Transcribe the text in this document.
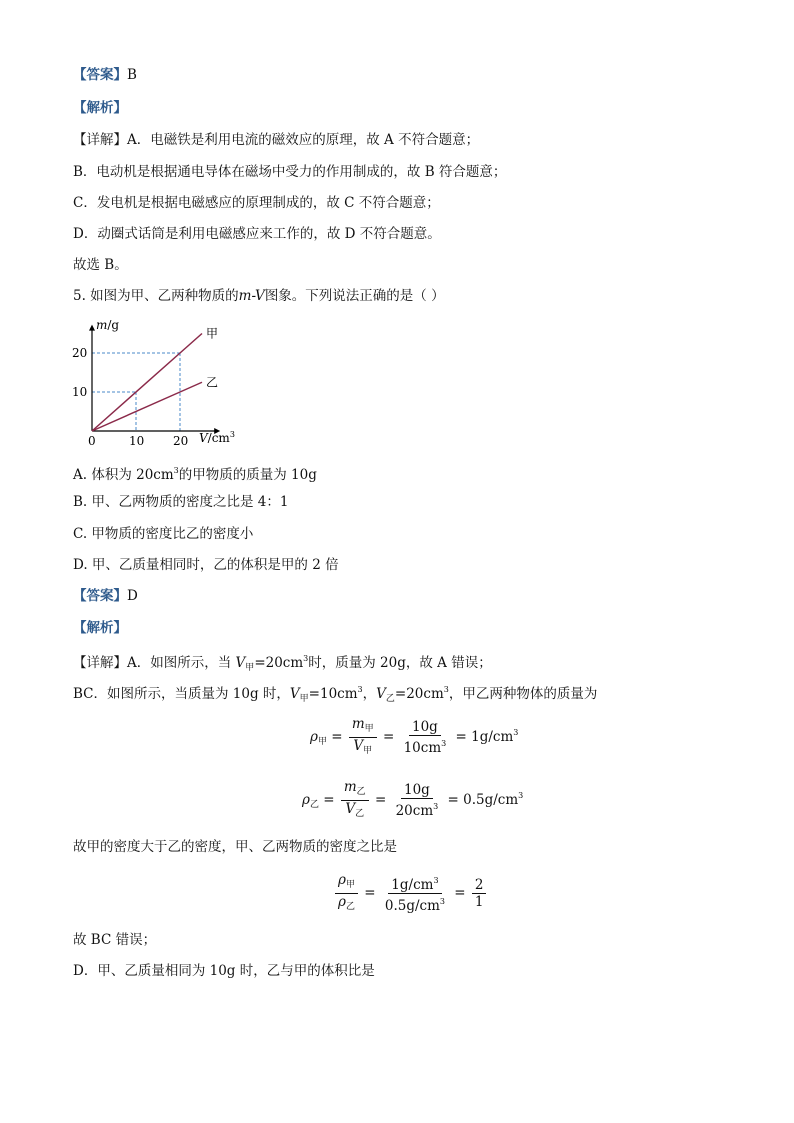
【答案】B
【解析】
【详解】A．电磁铁是利用电流的磁效应的原理，故 A 不符合题意；
B．电动机是根据通电导体在磁场中受力的作用制成的，故 B 符合题意；
C．发电机是根据电磁感应的原理制成的，故 C 不符合题意；
D．动圈式话筒是利用电磁感应来工作的，故 D 不符合题意。
故选 B。
5. 如图为甲、乙两种物质的m-V图象。下列说法正确的是（ ）
甲
乙
0	10 20
10
20
m/g
$V/cm^3$
A. 体积为 $20cm^3$的甲物质的质量为 10g
B. 甲、乙两物质的密度之比是 4：1
C. 甲物质的密度比乙的密度小
D. 甲、乙质量相同时，乙的体积是甲的 2 倍
【答案】D
【解析】
【详解】A．如图所示，当 $V_甲=20cm^3$时，质量为 20g，故 A 错误；
BC．如图所示，当质量为 10g 时，$V_甲=10cm^3$，$V_乙=20cm^3$，甲乙两种物体的质量为
$\rho_甲 = \frac{m_甲}{V_甲} = \frac{10g}{10cm^3} = 1g/cm^3$
$\rho_乙 = \frac{m_乙}{V_乙} = \frac{10g}{20cm^3} = 0.5g/cm^3$
故甲的密度大于乙的密度，甲、乙两物质的密度之比是
$\frac{\rho_甲}{\rho_乙} = \frac{1g/cm^3}{0.5g/cm^3} = \frac{2}{1}$
故 BC 错误；
D．甲、乙质量相同为 10g 时，乙与甲的体积比是
